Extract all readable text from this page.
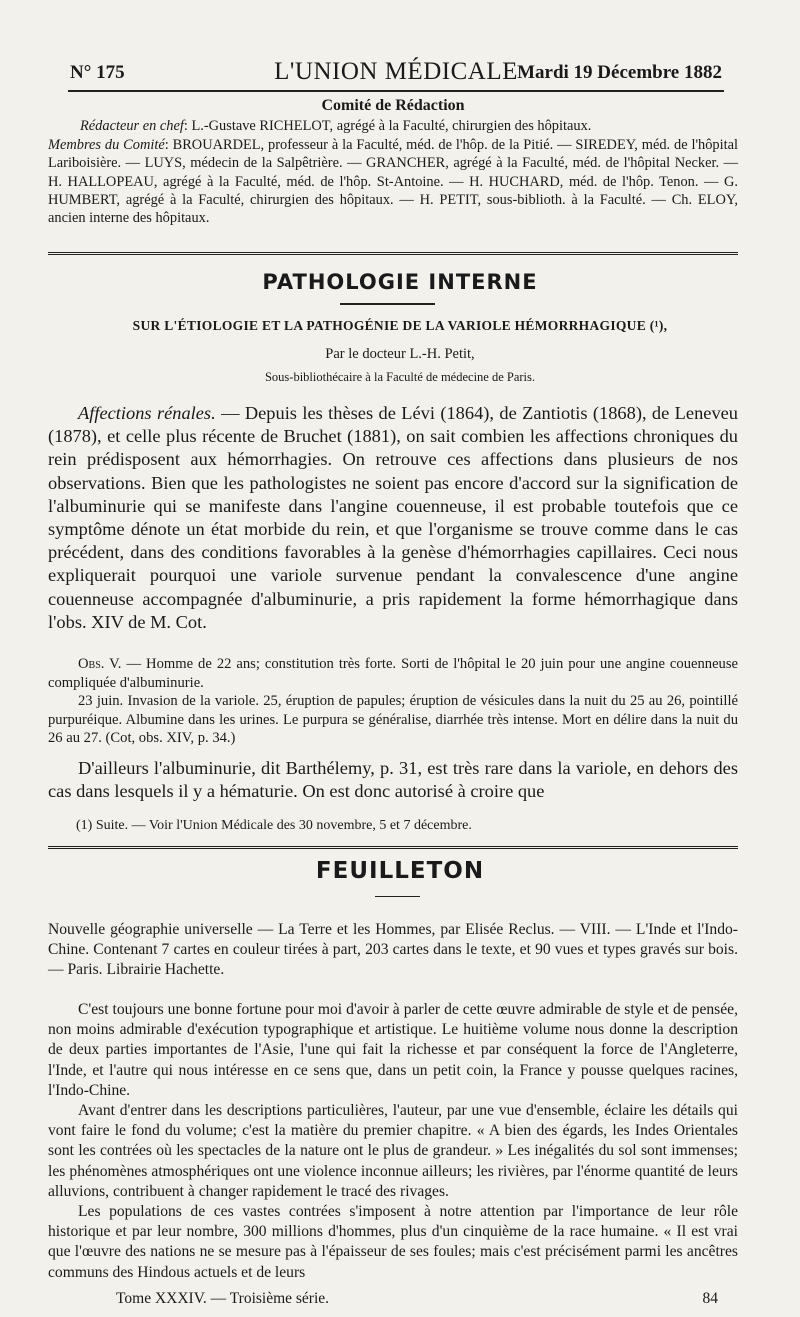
N° 175	L'UNION MÉDICALE Mardi 19 Décembre 1882
Comité de Rédaction

Rédacteur en chef: L.-Gustave RICHELOT, agrégé à la Faculté, chirurgien des hôpitaux.

Membres du Comité: BROUARDEL, professeur à la Faculté, méd. de l'hôp. de la Pitié. — SIREDEY, méd. de l'hôpital Lariboisière. — LUYS, médecin de la Salpêtrière. — GRANCHER, agrégé à la Faculté, méd. de l'hôpital Necker. — H. HALLOPEAU, agrégé à la Faculté, méd. de l'hôp. St-Antoine. — H. HUCHARD, méd. de l'hôp. Tenon. — G. HUMBERT, agrégé à la Faculté, chirurgien des hôpitaux. — H. PETIT, sous-biblioth. à la Faculté. — Ch. ELOY, ancien interne des hôpitaux.

PATHOLOGIE INTERNE
SUR L'ÉTIOLOGIE ET LA PATHOGÉNIE DE LA VARIOLE HÉMORRHAGIQUE (¹),
Par le docteur L.-H. Petit,
Sous-bibliothécaire à la Faculté de médecine de Paris.

Affections rénales. — Depuis les thèses de Lévi (1864), de Zantiotis (1868), de Leneveu (1878), et celle plus récente de Bruchet (1881), on sait combien les affections chroniques du rein prédisposent aux hémorrhagies. On retrouve ces affections dans plusieurs de nos observations. Bien que les pathologistes ne soient pas encore d'accord sur la signification de l'albuminurie qui se manifeste dans l'angine couenneuse, il est probable toutefois que ce symptôme dénote un état morbide du rein, et que l'organisme se trouve comme dans le cas précédent, dans des conditions favorables à la genèse d'hémorrhagies capillaires. Ceci nous expliquerait pourquoi une variole survenue pendant la convalescence d'une angine couenneuse accompagnée d'albuminurie, a pris rapidement la forme hémorrhagique dans l'obs. XIV de M. Cot.

Obs. V. — Homme de 22 ans; constitution très forte. Sorti de l'hôpital le 20 juin pour une angine couenneuse compliquée d'albuminurie.

23 juin. Invasion de la variole. 25, éruption de papules; éruption de vésicules dans la nuit du 25 au 26, pointillé purpuréique. Albumine dans les urines. Le purpura se généralise, diarrhée très intense. Mort en délire dans la nuit du 26 au 27. (Cot, obs. XIV, p. 34.)

D'ailleurs l'albuminurie, dit Barthélemy, p. 31, est très rare dans la variole, en dehors des cas dans lesquels il y a hématurie. On est donc autorisé à croire que

(1) Suite. — Voir l'Union Médicale des 30 novembre, 5 et 7 décembre.
FEUILLETON

Nouvelle géographie universelle — La Terre et les Hommes, par Elisée Reclus. — VIII. — L'Inde et l'Indo-Chine. Contenant 7 cartes en couleur tirées à part, 203 cartes dans le texte, et 90 vues et types gravés sur bois. — Paris. Librairie Hachette.

C'est toujours une bonne fortune pour moi d'avoir à parler de cette œuvre admirable de style et de pensée, non moins admirable d'exécution typographique et artistique. Le huitième volume nous donne la description de deux parties importantes de l'Asie, l'une qui fait la richesse et par conséquent la force de l'Angleterre, l'Inde, et l'autre qui nous intéresse en ce sens que, dans un petit coin, la France y pousse quelques racines, l'Indo-Chine.

Avant d'entrer dans les descriptions particulières, l'auteur, par une vue d'ensemble, éclaire les détails qui vont faire le fond du volume; c'est la matière du premier chapitre. « A bien des égards, les Indes Orientales sont les contrées où les spectacles de la nature ont le plus de grandeur. » Les inégalités du sol sont immenses; les phénomènes atmosphériques ont une violence inconnue ailleurs; les rivières, par l'énorme quantité de leurs alluvions, contribuent à changer rapidement le tracé des rivages.

Les populations de ces vastes contrées s'imposent à notre attention par l'importance de leur rôle historique et par leur nombre, 300 millions d'hommes, plus d'un cinquième de la race humaine. « Il est vrai que l'œuvre des nations ne se mesure pas à l'épaisseur de ses foules; mais c'est précisément parmi les ancêtres communs des Hindous actuels et de leurs

Tome XXXIV. — Troisième série.	84
